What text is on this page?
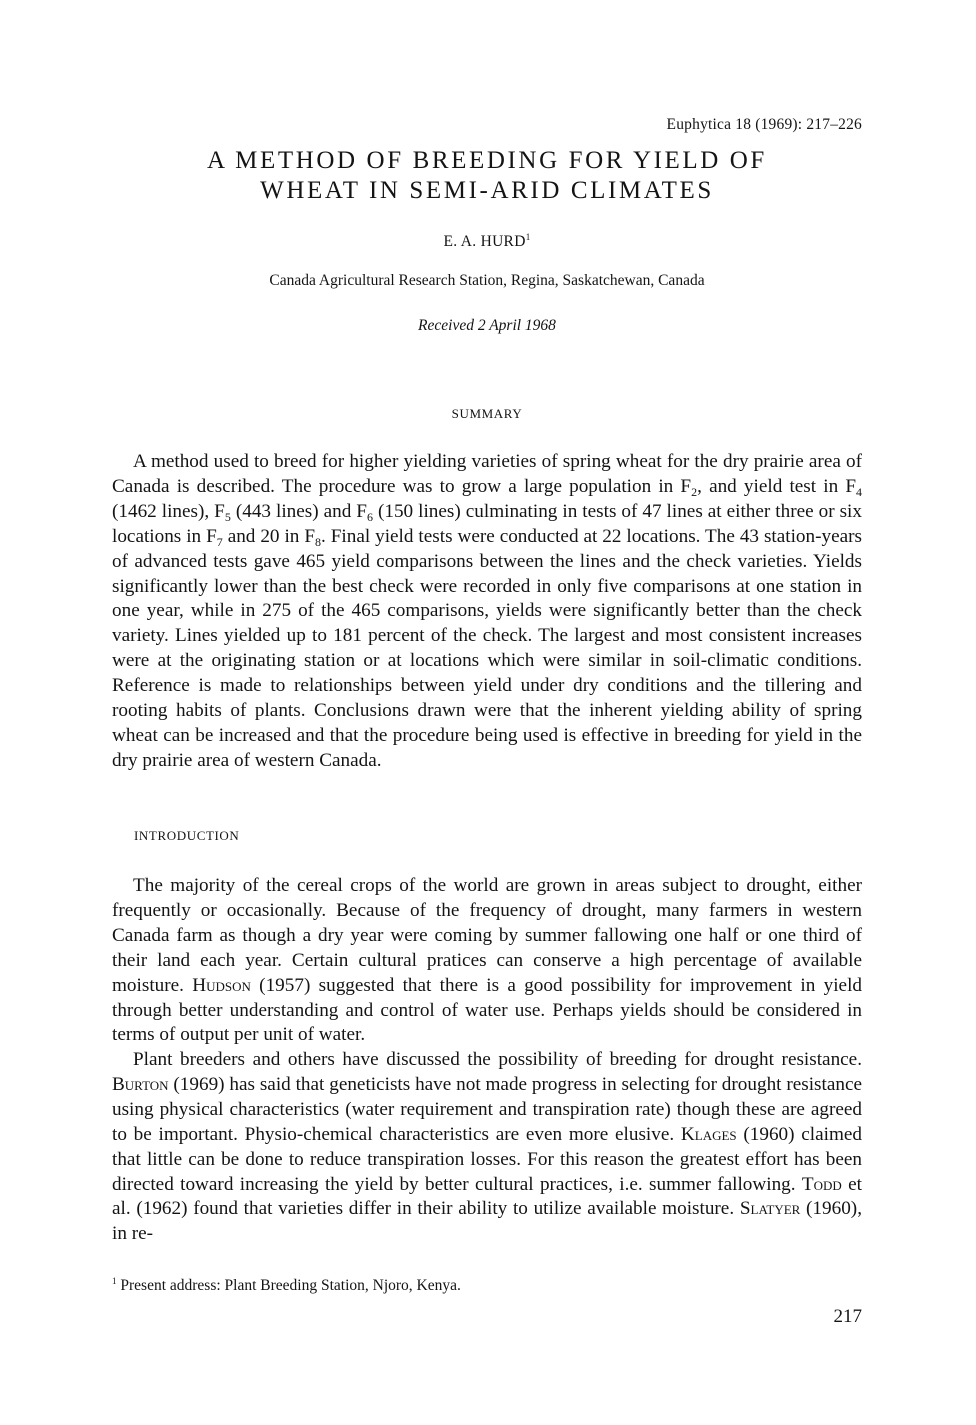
Euphytica 18 (1969): 217–226
A METHOD OF BREEDING FOR YIELD OF
WHEAT IN SEMI-ARID CLIMATES
E. A. HURD$^1$
Canada Agricultural Research Station, Regina, Saskatchewan, Canada
Received 2 April 1968
SUMMARY

A method used to breed for higher yielding varieties of spring wheat for the dry prairie area of Canada is described. The procedure was to grow a large population in $F_2$, and yield test in $F_4$ (1462 lines), $F_5$ (443 lines) and $F_6$ (150 lines) culminating in tests of 47 lines at either three or six locations in $F_7$ and 20 in $F_8$. Final yield tests were conducted at 22 locations. The 43 station-years of advanced tests gave 465 yield comparisons between the lines and the check varieties. Yields significantly lower than the best check were recorded in only five comparisons at one station in one year, while in 275 of the 465 comparisons, yields were significantly better than the check variety. Lines yielded up to 181 percent of the check. The largest and most consistent increases were at the originating station or at locations which were similar in soil-climatic conditions. Reference is made to relationships between yield under dry conditions and the tillering and rooting habits of plants. Conclusions drawn were that the inherent yielding ability of spring wheat can be increased and that the procedure being used is effective in breeding for yield in the dry prairie area of western Canada.

INTRODUCTION

The majority of the cereal crops of the world are grown in areas subject to drought, either frequently or occasionally. Because of the frequency of drought, many farmers in western Canada farm as though a dry year were coming by summer fallowing one half or one third of their land each year. Certain cultural pratices can conserve a high percentage of available moisture. Hudson (1957) suggested that there is a good possibility for improvement in yield through better understanding and control of water use. Perhaps yields should be considered in terms of output per unit of water.

Plant breeders and others have discussed the possibility of breeding for drought resistance. Burton (1969) has said that geneticists have not made progress in selecting for drought resistance using physical characteristics (water requirement and transpiration rate) though these are agreed to be important. Physio-chemical characteristics are even more elusive. Klages (1960) claimed that little can be done to reduce transpiration losses. For this reason the greatest effort has been directed toward increasing the yield by better cultural practices, i.e. summer fallowing. Todd et al. (1962) found that varieties differ in their ability to utilize available moisture. Slatyer (1960), in re-

$^1$ Present address: Plant Breeding Station, Njoro, Kenya.
217
